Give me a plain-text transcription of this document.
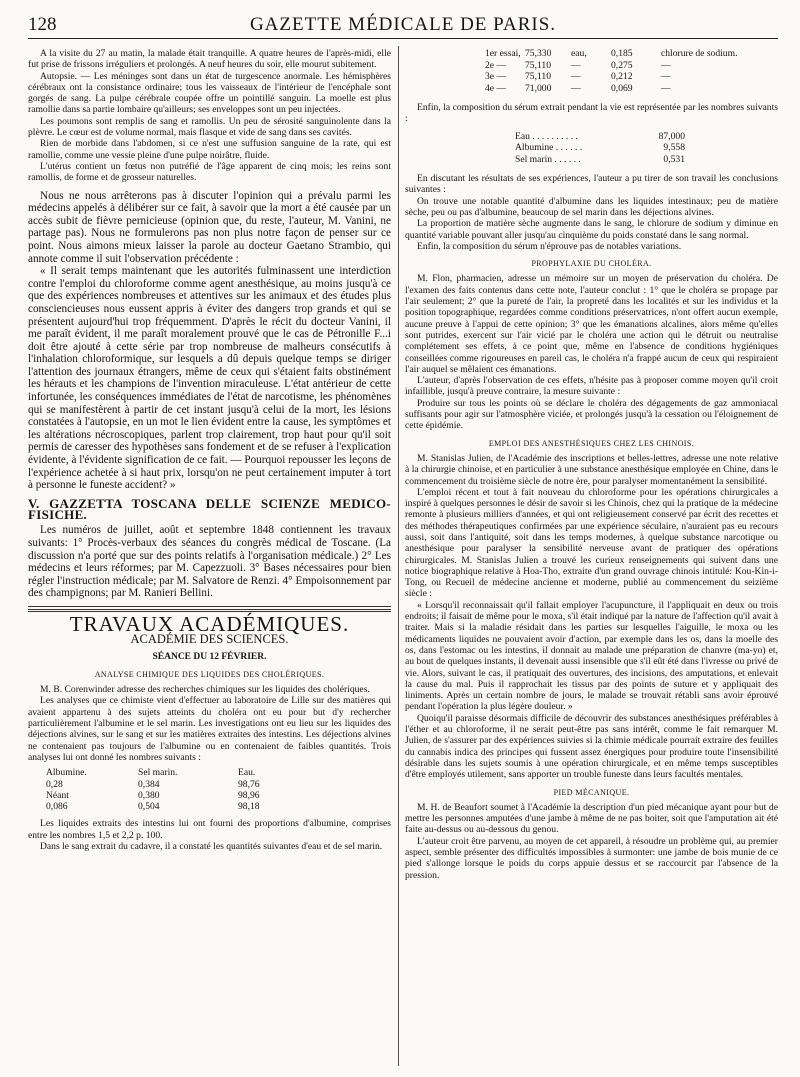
128	GAZETTE MÉDICALE DE PARIS.

A la visite du 27 au matin, la malade était tranquille. A quatre heures de l'après-midi, elle fut prise de frissons irréguliers et prolongés. A neuf heures du soir, elle mourut subitement.

Autopsie. — Les méninges sont dans un état de turgescence anormale. Les hémisphères cérébraux ont la consistance ordinaire; tous les vaisseaux de l'intérieur de l'encéphale sont gorgés de sang. La pulpe cérébrale coupée offre un pointillé sanguin. La moelle est plus ramollie dans sa partie lombaire qu'ailleurs; ses enveloppes sont un peu injectées.

Les poumons sont remplis de sang et ramollis. Un peu de sérosité sanguinolente dans la plèvre. Le cœur est de volume normal, mais flasque et vide de sang dans ses cavités.

Rien de morbide dans l'abdomen, si ce n'est une suffusion sanguine de la rate, qui est ramollie, comme une vessie pleine d'une pulpe noirâtre, fluide.

L'utérus contient un fœtus non putréfié de l'âge apparent de cinq mois; les reins sont ramollis, de forme et de grosseur naturelles.

Nous ne nous arrêterons pas à discuter l'opinion qui a prévalu parmi les médecins appelés à délibérer sur ce fait, à savoir que la mort a été causée par un accès subit de fièvre pernicieuse (opinion que, du reste, l'auteur, M. Vanini, ne partage pas). Nous ne formulerons pas non plus notre façon de penser sur ce point. Nous aimons mieux laisser la parole au docteur Gaetano Strambio, qui annote comme il suit l'observation précédente :

« Il serait temps maintenant que les autorités fulminassent une interdiction contre l'emploi du chloroforme comme agent anesthésique, au moins jusqu'à ce que des expériences nombreuses et attentives sur les animaux et des études plus consciencieuses nous eussent appris à éviter des dangers trop grands et qui se présentent aujourd'hui trop fréquemment. D'après le récit du docteur Vanini, il me paraît évident, il me paraît moralement prouvé que le cas de Pétronille F...i doit être ajouté à cette série par trop nombreuse de malheurs consécutifs à l'inhalation chloroformique, sur lesquels a dû depuis quelque temps se diriger l'attention des journaux étrangers, même de ceux qui s'étaient faits obstinément les hérauts et les champions de l'invention miraculeuse. L'état antérieur de cette infortunée, les conséquences immédiates de l'état de narcotisme, les phénomènes qui se manifestèrent à partir de cet instant jusqu'à celui de la mort, les lésions constatées à l'autopsie, en un mot le lien évident entre la cause, les symptômes et les altérations nécroscopiques, parlent trop clairement, trop haut pour qu'il soit permis de caresser des hypothèses sans fondement et de se refuser à l'explication évidente, à l'évidente signification de ce fait. — Pourquoi repousser les leçons de l'expérience achetée à si haut prix, lorsqu'on ne peut certainement imputer à tort à personne le funeste accident? »

V. GAZZETTA TOSCANA DELLE SCIENZE MEDICO-FISICHE.

Les numéros de juillet, août et septembre 1848 contiennent les travaux suivants: 1° Procès-verbaux des séances du congrès médical de Toscane. (La discussion n'a porté que sur des points relatifs à l'organisation médicale.) 2° Les médecins et leurs réformes; par M. Capezzuoli. 3° Bases nécessaires pour bien régler l'instruction médicale; par M. Salvatore de Renzi. 4° Empoisonnement par des champignons; par M. Ranieri Bellini.

TRAVAUX ACADÉMIQUES.
ACADÉMIE DES SCIENCES.
SÉANCE DU 12 FÉVRIER.
ANALYSE CHIMIQUE DES LIQUIDES DES CHOLÉRIQUES.

M. B. Corenwinder adresse des recherches chimiques sur les liquides des cholériques.

Les analyses que ce chimiste vient d'effectuer au laboratoire de Lille sur des matières qui avaient appartenu à des sujets atteints du choléra ont eu pour but d'y rechercher particulièrement l'albumine et le sel marin. Les investigations ont eu lieu sur les liquides des déjections alvines, sur le sang et sur les matières extraites des intestins. Les déjections alvines ne contenaient pas toujours de l'albumine ou en contenaient de faibles quantités. Trois analyses lui ont donné les nombres suivants :

Albumine.	Sel marin.	Eau.
0,28	0,384	98,76
Néant	0,380	98,96
0,086	0,504	98,18

Les liquides extraits des intestins lui ont fourni des proportions d'albumine, comprises entre les nombres 1,5 et 2,2 p. 100.

Dans le sang extrait du cadavre, il a constaté les quantités suivantes d'eau et de sel marin.

1er essai, 75,330	eau,	0,185	chlorure de sodium.
2e —	75,110	—	0,275	—
3e —	75,110	—	0,212	—
4e —	71,000	—	0,069	—

Enfin, la composition du sérum extrait pendant la vie est représentée par les nombres suivants :

Eau . . . . . . . . . .	87,000
Albumine . . . . . .	9,558
Sel marin . . . . . .	0,531

En discutant les résultats de ses expériences, l'auteur a pu tirer de son travail les conclusions suivantes :

On trouve une notable quantité d'albumine dans les liquides intestinaux; peu de matière sèche, peu ou pas d'albumine, beaucoup de sel marin dans les déjections alvines.

La proportion de matière sèche augmente dans le sang, le chlorure de sodium y diminue en quantité variable pouvant aller jusqu'au cinquième du poids constaté dans le sang normal.

Enfin, la composition du sérum n'éprouve pas de notables variations.

PROPHYLAXIE DU CHOLÉRA.

M. Flon, pharmacien, adresse un mémoire sur un moyen de préservation du choléra. De l'examen des faits contenus dans cette note, l'auteur conclut : 1° que le choléra se propage par l'air seulement; 2° que la pureté de l'air, la propreté dans les localités et sur les individus et la position topographique, regardées comme conditions préservatrices, n'ont offert aucun exemple, aucune preuve à l'appui de cette opinion; 3° que les émanations alcalines, alors même qu'elles sont putrides, exercent sur l'air vicié par le choléra une action qui le détruit ou neutralise complétement ses effets, à ce point que, même en l'absence de conditions hygiéniques conseillées comme rigoureuses en pareil cas, le choléra n'a frappé aucun de ceux qui respiraient l'air auquel se mêlaient ces émanations.

L'auteur, d'après l'observation de ces effets, n'hésite pas à proposer comme moyen qu'il croit infaillible, jusqu'à preuve contraire, la mesure suivante :

Produire sur tous les points où se déclare le choléra des dégagements de gaz ammoniacal suffisants pour agir sur l'atmosphère viciée, et prolongés jusqu'à la cessation ou l'éloignement de cette épidémie.

EMPLOI DES ANESTHÉSIQUES CHEZ LES CHINOIS.

M. Stanislas Julien, de l'Académie des inscriptions et belles-lettres, adresse une note relative à la chirurgie chinoise, et en particulier à une substance anesthésique employée en Chine, dans le commencement du troisième siècle de notre ère, pour paralyser momentanément la sensibilité.

L'emploi récent et tout à fait nouveau du chloroforme pour les opérations chirurgicales a inspiré à quelques personnes le désir de savoir si les Chinois, chez qui la pratique de la médecine remonte à plusieurs milliers d'années, et qui ont religieusement conservé par écrit des recettes et des méthodes thérapeutiques confirmées par une expérience séculaire, n'auraient pas eu recours aussi, soit dans l'antiquité, soit dans les temps modernes, à quelque substance narcotique ou anesthésique pour paralyser la sensibilité nerveuse avant de pratiquer des opérations chirurgicales. M. Stanislas Julien a trouvé les curieux renseignements qui suivent dans une notice biographique relative à Hoa-Tho, extraite d'un grand ouvrage chinois intitulé: Kou-Kin-i-Tong, ou Recueil de médecine ancienne et moderne, publié au commencement du seizième siècle :

« Lorsqu'il reconnaissait qu'il fallait employer l'acupuncture, il l'appliquait en deux ou trois endroits; il faisait de même pour le moxa, s'il était indiqué par la nature de l'affection qu'il avait à traiter. Mais si la maladie résidait dans les parties sur lesquelles l'aiguille, le moxa ou les médicaments liquides ne pouvaient avoir d'action, par exemple dans les os, dans la moelle des os, dans l'estomac ou les intestins, il donnait au malade une préparation de chanvre (ma-yo) et, au bout de quelques instants, il devenait aussi insensible que s'il eût été dans l'ivresse ou privé de vie. Alors, suivant le cas, il pratiquait des ouvertures, des incisions, des amputations, et enlevait la cause du mal. Puis il rapprochait les tissus par des points de suture et y appliquait des liniments. Après un certain nombre de jours, le malade se trouvait rétabli sans avoir éprouvé pendant l'opération la plus légère douleur. »

Quoiqu'il paraisse désormais difficile de découvrir des substances anesthésiques préférables à l'éther et au chloroforme, il ne serait peut-être pas sans intérêt, comme le fait remarquer M. Julien, de s'assurer par des expériences suivies si la chimie médicale pourrait extraire des feuilles du cannabis indica des principes qui fussent assez énergiques pour produire toute l'insensibilité désirable dans les sujets soumis à une opération chirurgicale, et en même temps susceptibles d'être employés utilement, sans apporter un trouble funeste dans leurs facultés mentales.

PIED MÉCANIQUE.

M. H. de Beaufort soumet à l'Académie la description d'un pied mécanique ayant pour but de mettre les personnes amputées d'une jambe à même de ne pas boiter, soit que l'amputation ait été faite au-dessus ou au-dessous du genou.

L'auteur croit être parvenu, au moyen de cet appareil, à résoudre un problème qui, au premier aspect, semble présenter des difficultés impossibles à surmonter: une jambe de bois munie de ce pied s'allonge lorsque le poids du corps appuie dessus et se raccourcit par l'absence de la pression.
